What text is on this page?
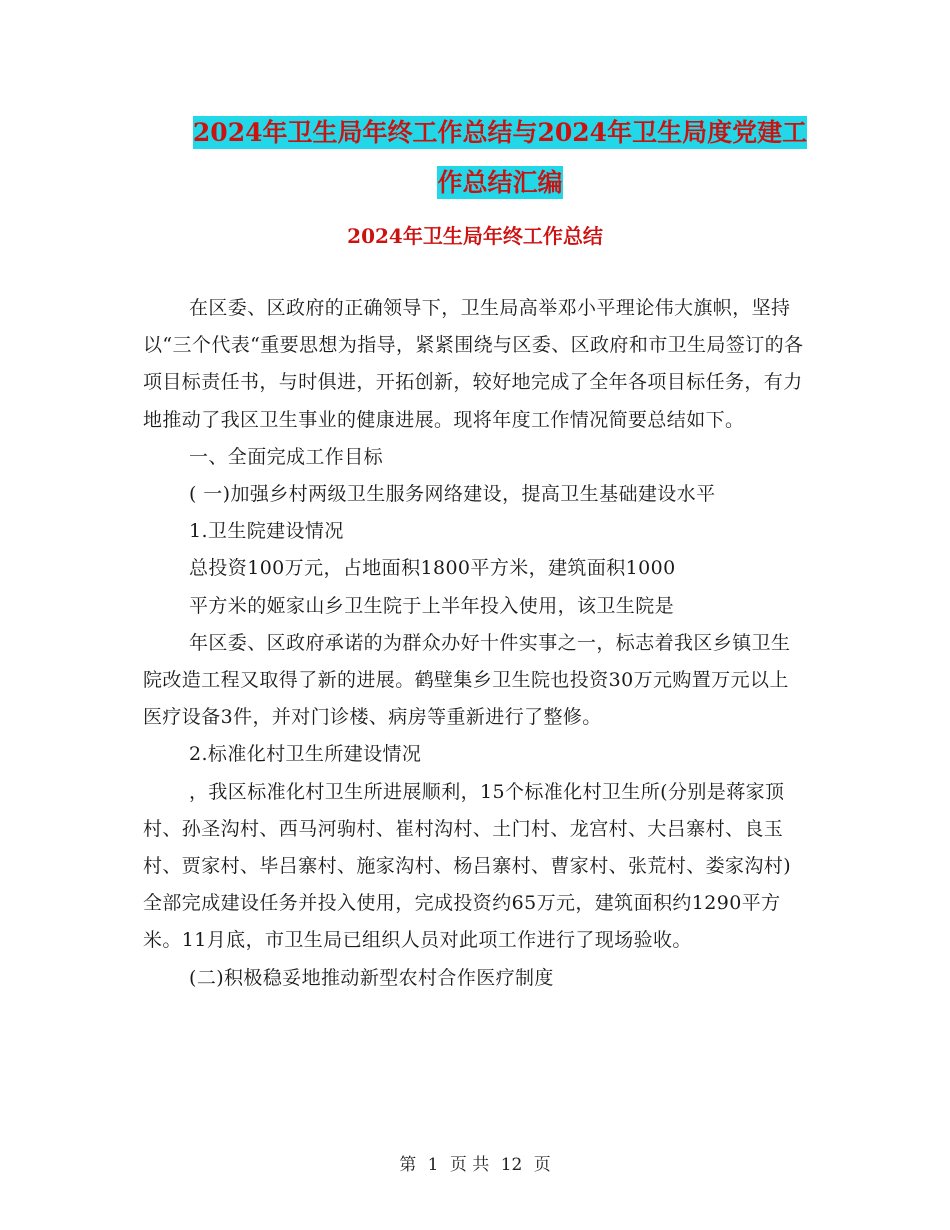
2024年卫生局年终工作总结与2024年卫生局度党建工
作总结汇编
2024年卫生局年终工作总结

在区委、区政府的正确领导下，卫生局高举邓小平理论伟大旗帜，坚持以“三个代表“重要思想为指导，紧紧围绕与区委、区政府和市卫生局签订的各项目标责任书，与时俱进，开拓创新，较好地完成了全年各项目标任务，有力地推动了我区卫生事业的健康进展。现将年度工作情况简要总结如下。

一、全面完成工作目标

( 一)加强乡村两级卫生服务网络建设，提高卫生基础建设水平

1.卫生院建设情况

总投资100万元，占地面积1800平方米，建筑面积1000

平方米的姬家山乡卫生院于上半年投入使用，该卫生院是

年区委、区政府承诺的为群众办好十件实事之一，标志着我区乡镇卫生院改造工程又取得了新的进展。鹤壁集乡卫生院也投资30万元购置万元以上医疗设备3件，并对门诊楼、病房等重新进行了整修。

2.标准化村卫生所建设情况

，我区标准化村卫生所进展顺利，15个标准化村卫生所(分别是蒋家顶村、孙圣沟村、西马河驹村、崔村沟村、土门村、龙宫村、大吕寨村、良玉村、贾家村、毕吕寨村、施家沟村、杨吕寨村、曹家村、张荒村、娄家沟村)全部完成建设任务并投入使用，完成投资约65万元，建筑面积约1290平方米。11月底，市卫生局已组织人员对此项工作进行了现场验收。

(二)积极稳妥地推动新型农村合作医疗制度

第 1 页 共 12 页
